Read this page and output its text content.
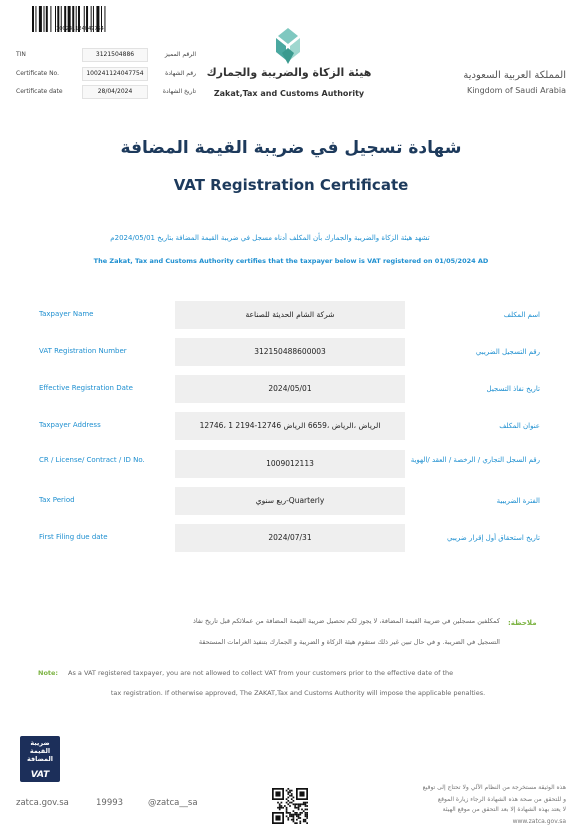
100241124047754
TIN	3121504886	الرقم المميز
Certificate No.	100241124047754	رقم الشهادة
Certificate date	28/04/2024	تاريخ الشهادة
هيئة الزكاة والضريبة والجمارك
Zakat,Tax and Customs Authority
المملكة العربية السعودية
Kingdom of Saudi Arabia
شهادة تسجيل في ضريبة القيمة المضافة
VAT Registration Certificate
تشهد هيئة الزكاة والضريبة والجمارك بأن المكلف أدناه مسجل في ضريبة القيمة المضافة بتاريخ 2024/05/01م
The Zakat, Tax and Customs Authority certifies that the taxpayer below is VAT registered on 01/05/2024 AD
Taxpayer Name	شركة الشام الحديثة للصناعة	اسم المكلف
VAT Registration Number	312150488600003	رقم التسجيل الضريبي
Effective Registration Date	2024/05/01	تاريخ نفاذ التسجيل
Taxpayer Address	الرياض ،الرياض ،6659 الرياض 12746-2194 1 ،12746	عنوان المكلف
CR / License/ Contract / ID No.	1009012113	رقم السجل التجاري / الرخصة / العقد /الهوية
Tax Period	ربع سنوي-Quarterly	الفترة الضريبية
First Filing due date	2024/07/31	تاريخ استحقاق أول إقرار ضريبي
ملاحظة:
كمكلفين مسجلين في ضريبة القيمة المضافة، لا يجوز لكم تحصيل ضريبة القيمة المضافة من عملائكم قبل تاريخ نفاذ
التسجيل في الضريبة. و في حال تبين غير ذلك ستقوم هيئة الزكاة و الضريبة و الجمارك بتنفيذ الغرامات المستحقة
Note: As a VAT registered taxpayer, you are not allowed to collect VAT from your customers prior to the effective date of the
tax registration. If otherwise approved, The ZAKAT,Tax and Customs Authority will impose the applicable penalties.
ضريبة القيمة المضافة
VAT
zatca.gov.sa	19993	@zatca__sa
هذه الوثيقة مستخرجة من النظام الآلي ولا تحتاج إلى توقيع
و للتحقق من صحة هذه الشهادة الرجاء زيارة الموقع
لا يعتد بهذه الشهادة إلا بعد التحقق من موقع الهيئة
www.zatca.gov.sa
